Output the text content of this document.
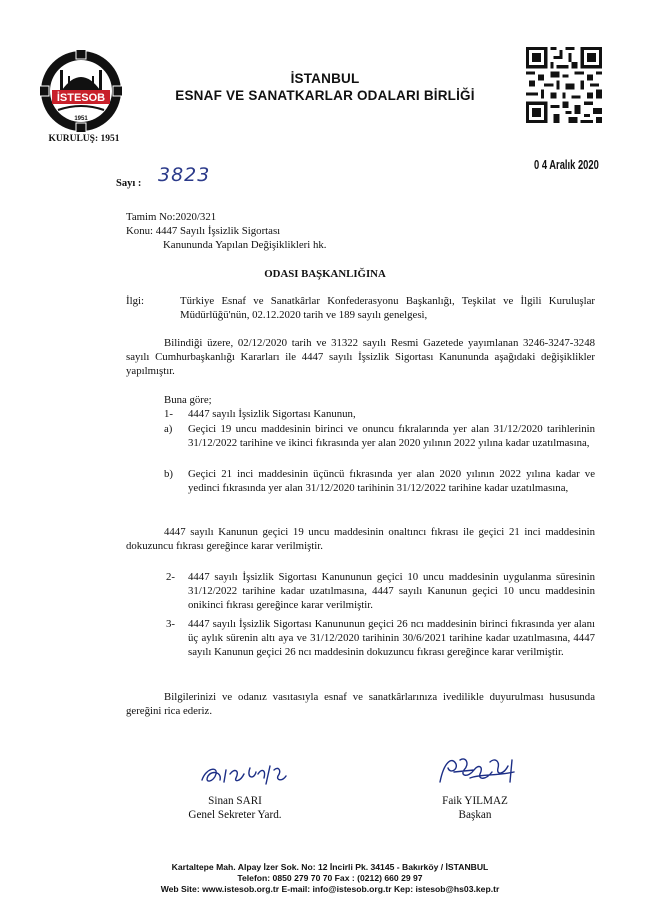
İSTESOB
1951
KURULUŞ: 1951
İSTANBUL
ESNAF VE SANATKARLAR ODALARI BİRLİĞİ
Sayı : 3823	0 4 Aralık 2020
Tamim No:2020/321
Konu: 4447 Sayılı İşsizlik Sigortası
Kanununda Yapılan Değişiklikleri hk.
ODASI BAŞKANLIĞINA
İlgi:	Türkiye Esnaf ve Sanatkârlar Konfederasyonu Başkanlığı, Teşkilat ve İlgili Kuruluşlar
Müdürlüğü'nün, 02.12.2020 tarih ve 189 sayılı genelgesi,
Bilindiği üzere, 02/12/2020 tarih ve 31322 sayılı Resmi Gazetede yayımlanan 3246-3247-3248 sayılı Cumhurbaşkanlığı Kararları ile 4447 sayılı İşsizlik Sigortası Kanununda aşağıdaki değişiklikler yapılmıştır.
Buna göre;
1- 4447 sayılı İşsizlik Sigortası Kanunun,
a) Geçici 19 uncu maddesinin birinci ve onuncu fıkralarında yer alan 31/12/2020 tarihlerinin 31/12/2022 tarihine ve ikinci fıkrasında yer alan 2020 yılının 2022 yılına kadar uzatılmasına,
b) Geçici 21 inci maddesinin üçüncü fıkrasında yer alan 2020 yılının 2022 yılına kadar ve yedinci fıkrasında yer alan 31/12/2020 tarihinin 31/12/2022 tarihine kadar uzatılmasına,
4447 sayılı Kanunun geçici 19 uncu maddesinin onaltıncı fıkrası ile geçici 21 inci maddesinin dokuzuncu fıkrası gereğince karar verilmiştir.
2- 4447 sayılı İşsizlik Sigortası Kanununun geçici 10 uncu maddesinin uygulanma süresinin 31/12/2022 tarihine kadar uzatılmasına, 4447 sayılı Kanunun geçici 10 uncu maddesinin onikinci fıkrası gereğince karar verilmiştir.
3- 4447 sayılı İşsizlik Sigortası Kanununun geçici 26 ncı maddesinin birinci fıkrasında yer alanı üç aylık sürenin altı aya ve 31/12/2020 tarihinin 30/6/2021 tarihine kadar uzatılmasına, 4447 sayılı Kanunun geçici 26 ncı maddesinin dokuzuncu fıkrası gereğince karar verilmiştir.
Bilgilerinizi ve odanız vasıtasıyla esnaf ve sanatkârlarınıza ivedilikle duyurulması hususunda gereğini rica ederiz.
Sinan SARI
Genel Sekreter Yard.
Faik YILMAZ
Başkan
Kartaltepe Mah. Alpay İzer Sok. No: 12 İncirli Pk. 34145 - Bakırköy / İSTANBUL
Telefon: 0850 279 70 70 Fax : (0212) 660 29 97
Web Site: www.istesob.org.tr E-mail: info@istesob.org.tr Kep: istesob@hs03.kep.tr
